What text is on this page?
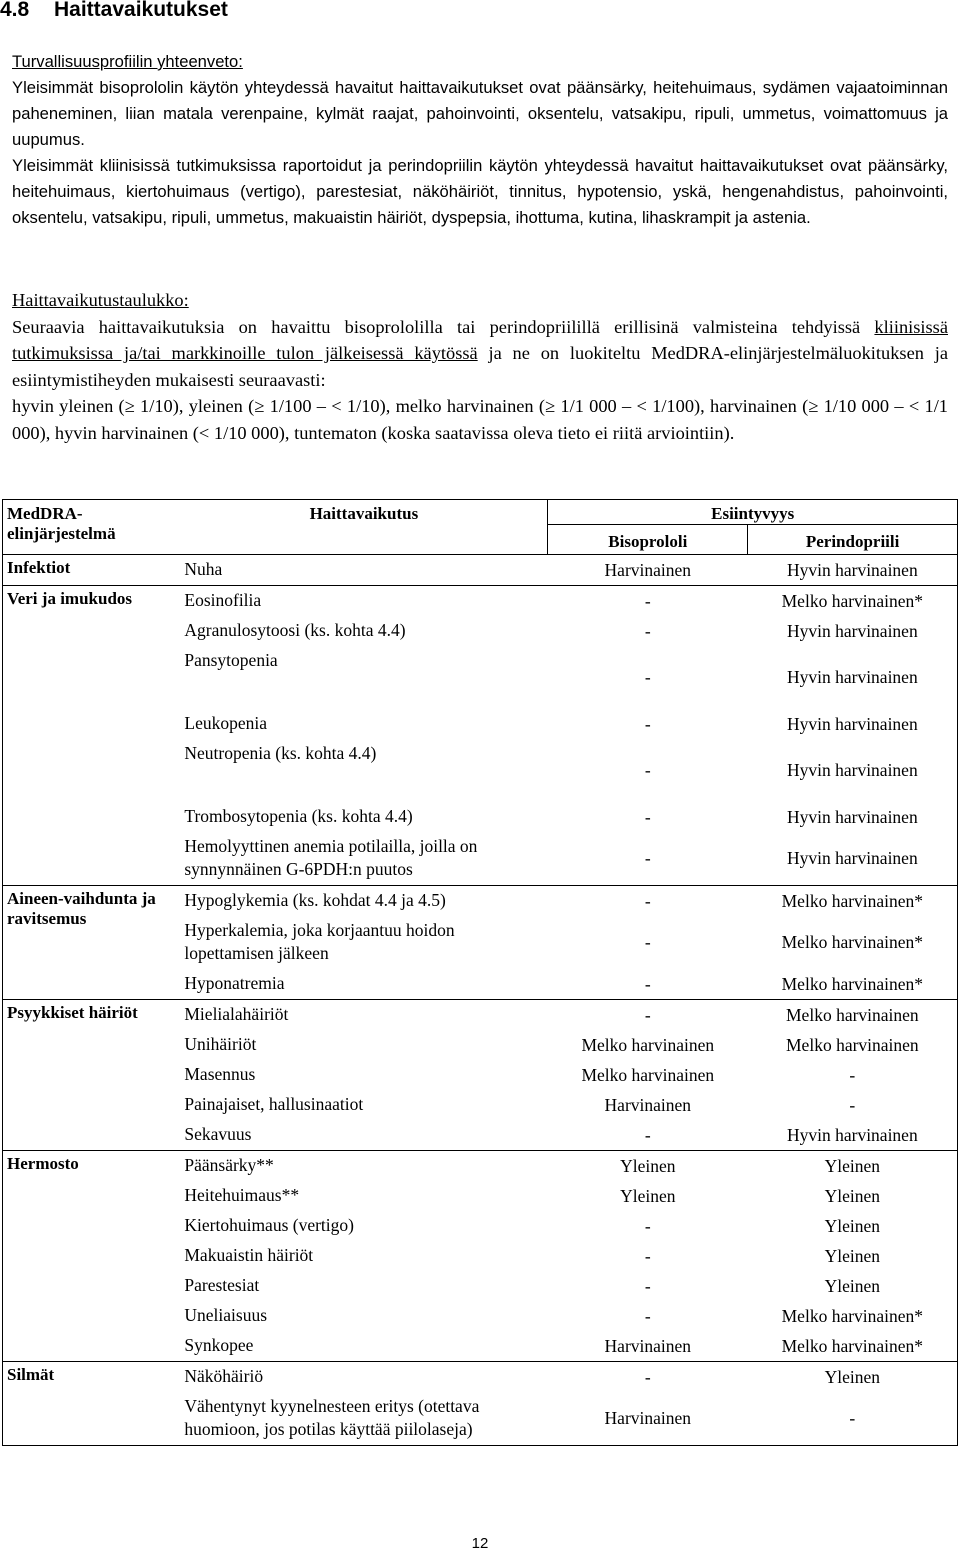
4.8 Haittavaikutukset

Turvallisuusprofiilin yhteenveto:
Yleisimmät bisoprololin käytön yhteydessä havaitut haittavaikutukset ovat päänsärky, heitehuimaus, sydämen vajaatoiminnan paheneminen, liian matala verenpaine, kylmät raajat, pahoinvointi, oksentelu, vatsakipu, ripuli, ummetus, voimattomuus ja uupumus.
Yleisimmät kliinisissä tutkimuksissa raportoidut ja perindopriilin käytön yhteydessä havaitut haittavaikutukset ovat päänsärky, heitehuimaus, kiertohuimaus (vertigo), parestesiat, näköhäiriöt, tinnitus, hypotensio, yskä, hengenahdistus, pahoinvointi, oksentelu, vatsakipu, ripuli, ummetus, makuaistin häiriöt, dyspepsia, ihottuma, kutina, lihaskrampit ja astenia.

Haittavaikutustaulukko:
Seuraavia haittavaikutuksia on havaittu bisoprololilla tai perindopriilillä erillisinä valmisteina tehdyissä kliinisissä tutkimuksissa ja/tai markkinoille tulon jälkeisessä käytössä ja ne on luokiteltu MedDRA-elinjärjestelmäluokituksen ja esiintymistiheyden mukaisesti seuraavasti:
hyvin yleinen (≥ 1/10), yleinen (≥ 1/100 – < 1/10), melko harvinainen (≥ 1/1 000 – < 1/100), harvinainen (≥ 1/10 000 – < 1/1 000), hyvin harvinainen (< 1/10 000), tuntematon (koska saatavissa oleva tieto ei riitä arviointiin).

MedDRA-elinjärjestelmä	Haittavaikutus	Esiintyvyys	
		Bisoprololi	Perindopriili
Infektiot	Nuha	Harvinainen	Hyvin harvinainen
Veri ja imukudos	Eosinofilia	-	Melko harvinainen*
	Agranulosytoosi (ks. kohta 4.4)	-	Hyvin harvinainen
	Pansytopenia	-	Hyvin harvinainen
	Leukopenia	-	Hyvin harvinainen
	Neutropenia (ks. kohta 4.4)	-	Hyvin harvinainen
	Trombosytopenia (ks. kohta 4.4)	-	Hyvin harvinainen
	Hemolyyttinen anemia potilailla, joilla on synnynnäinen G-6PDH:n puutos	-	Hyvin harvinainen
Aineen-vaihdunta ja ravitsemus	Hypoglykemia (ks. kohdat 4.4 ja 4.5)	-	Melko harvinainen*
	Hyperkalemia, joka korjaantuu hoidon lopettamisen jälkeen	-	Melko harvinainen*
	Hyponatremia	-	Melko harvinainen*
Psyykkiset häiriöt	Mielialahäiriöt	-	Melko harvinainen
	Unihäiriöt	Melko harvinainen	Melko harvinainen
	Masennus	Melko harvinainen	-
	Painajaiset, hallusinaatiot	Harvinainen	-
	Sekavuus	-	Hyvin harvinainen
Hermosto	Päänsärky**	Yleinen	Yleinen
	Heitehuimaus**	Yleinen	Yleinen
	Kiertohuimaus (vertigo)	-	Yleinen
	Makuaistin häiriöt	-	Yleinen
	Parestesiat	-	Yleinen
	Uneliaisuus	-	Melko harvinainen*
	Synkopee	Harvinainen	Melko harvinainen*
Silmät	Näköhäiriö	-	Yleinen
	Vähentynyt kyynelnesteen eritys (otettava huomioon, jos potilas käyttää piilolaseja)	Harvinainen	-
12
